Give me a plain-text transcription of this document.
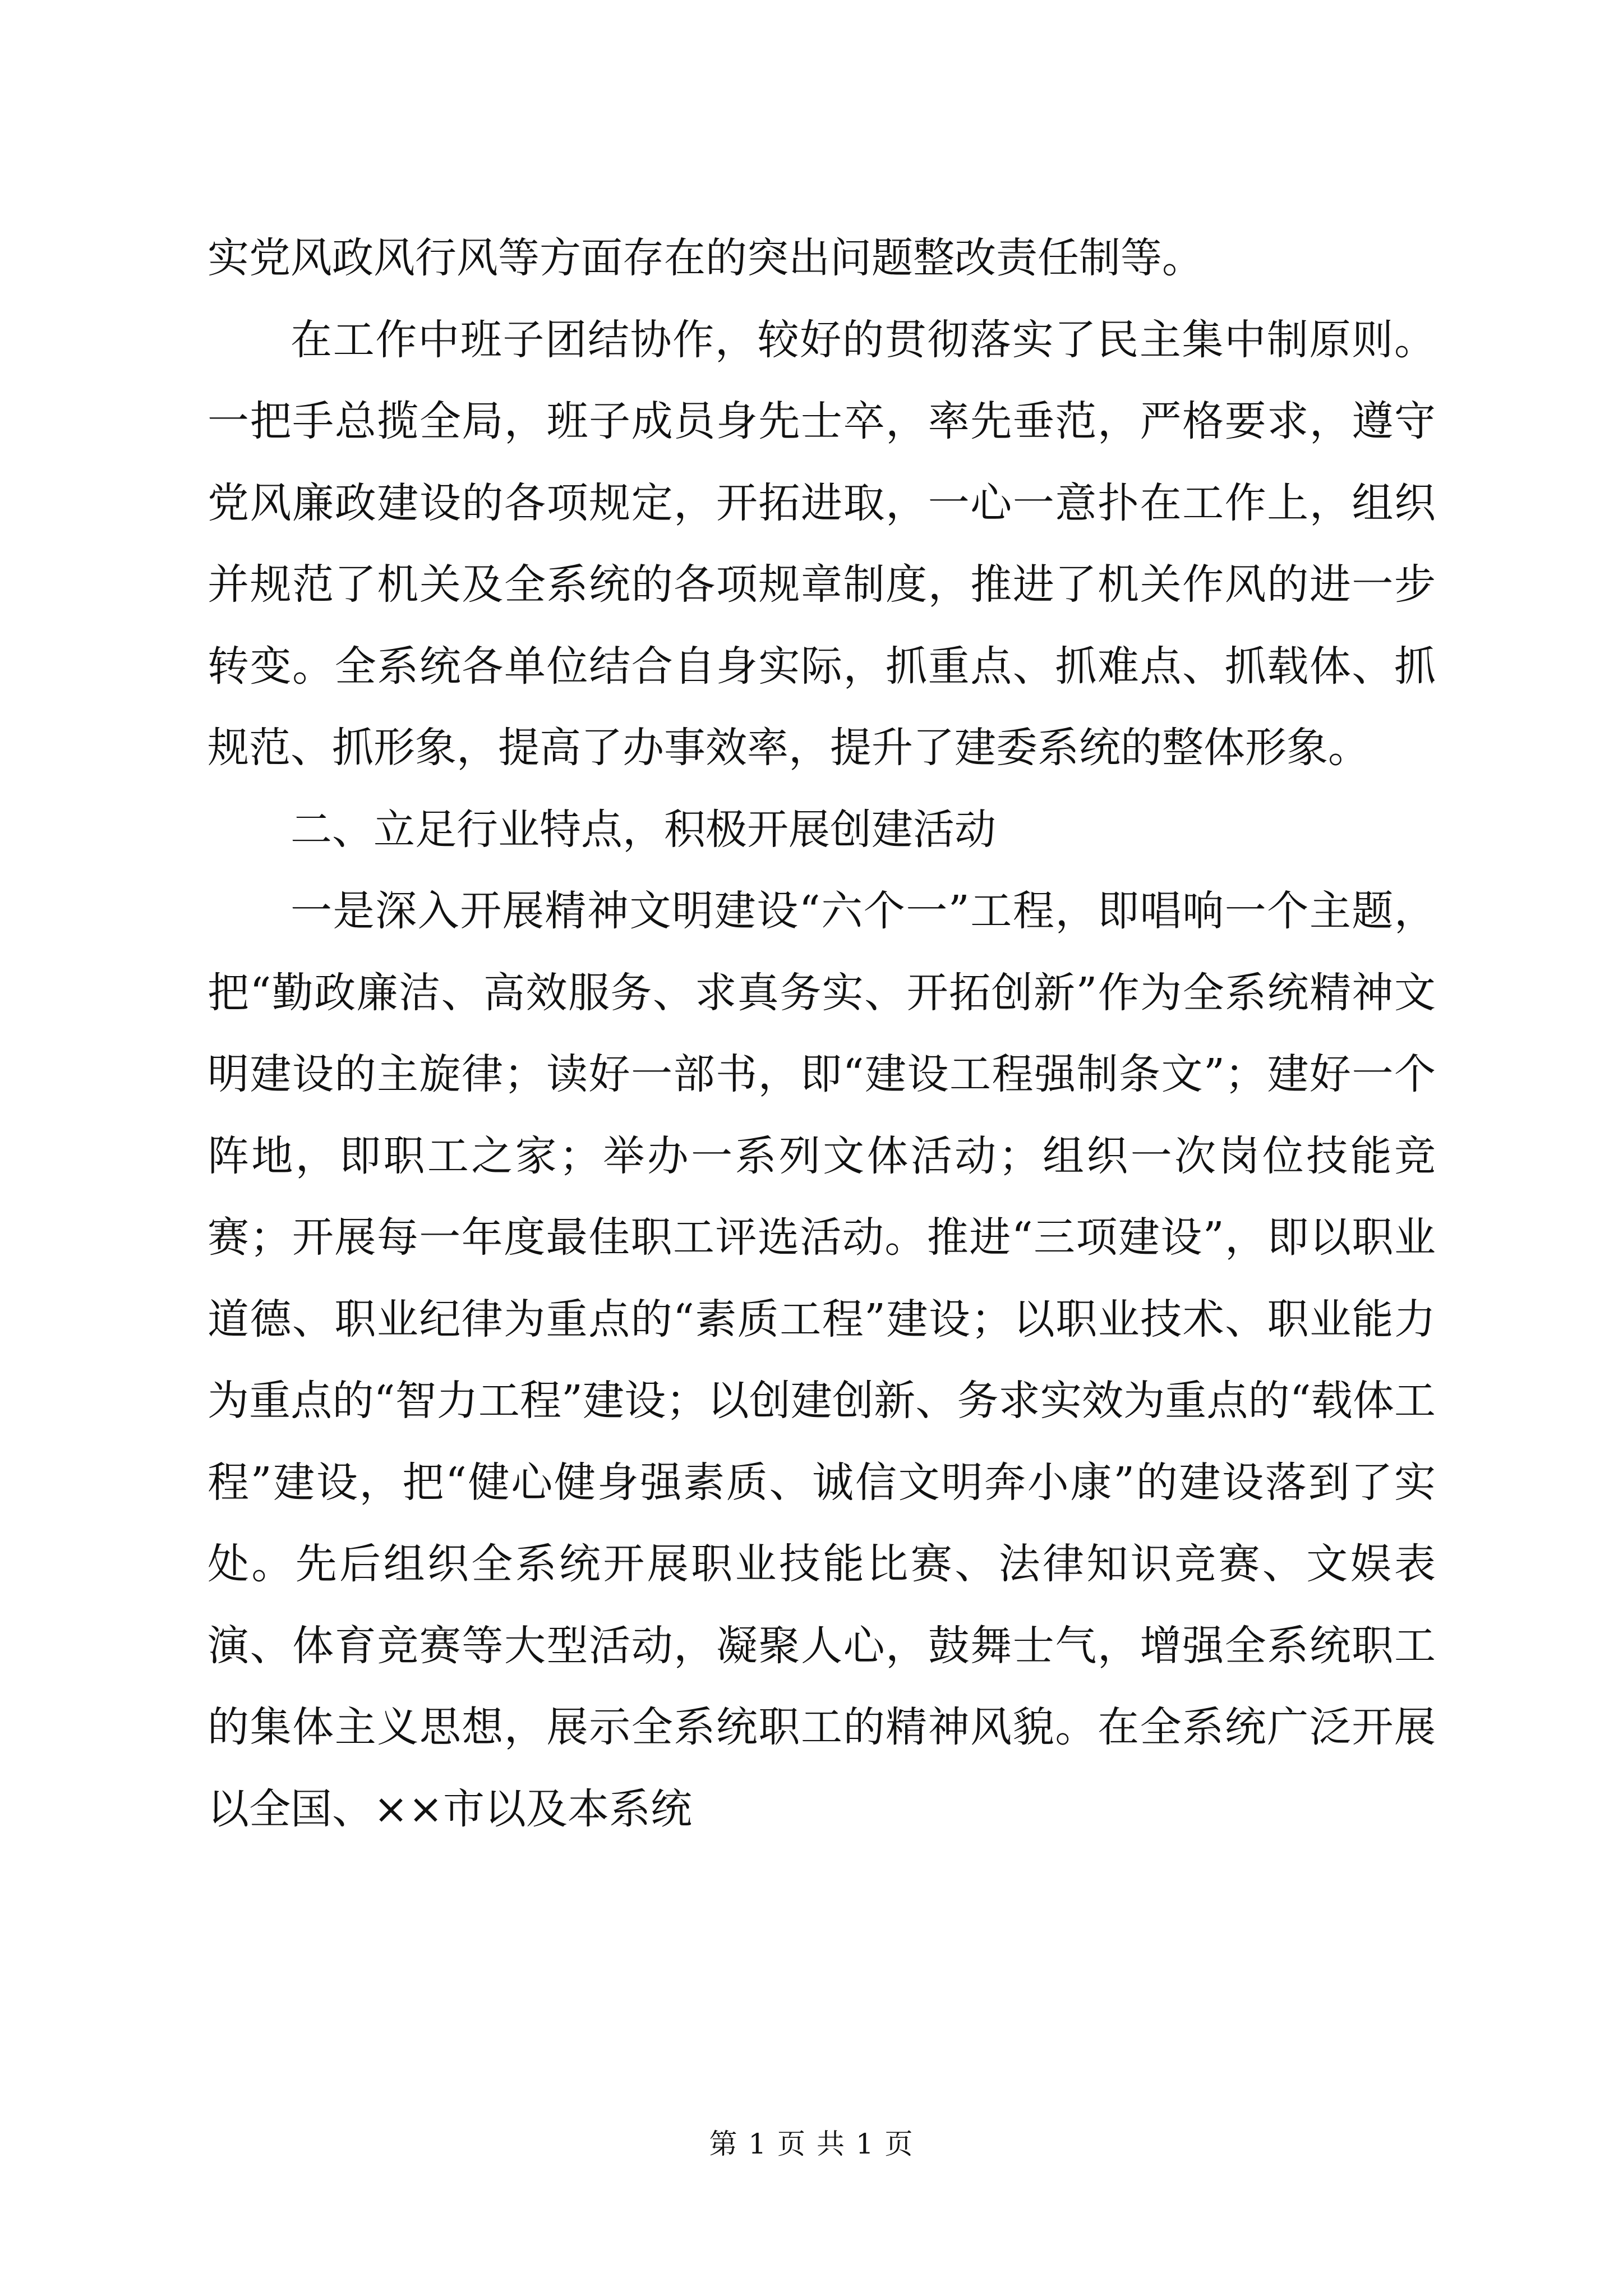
实党风政风行风等方面存在的突出问题整改责任制等。

在工作中班子团结协作，较好的贯彻落实了民主集中制原则。一把手总揽全局，班子成员身先士卒，率先垂范，严格要求，遵守党风廉政建设的各项规定，开拓进取，一心一意扑在工作上，组织并规范了机关及全系统的各项规章制度，推进了机关作风的进一步转变。全系统各单位结合自身实际，抓重点、抓难点、抓载体、抓规范、抓形象，提高了办事效率，提升了建委系统的整体形象。

二、立足行业特点，积极开展创建活动

一是深入开展精神文明建设“六个一”工程，即唱响一个主题，把“勤政廉洁、高效服务、求真务实、开拓创新”作为全系统精神文明建设的主旋律；读好一部书，即“建设工程强制条文”；建好一个阵地，即职工之家；举办一系列文体活动；组织一次岗位技能竞赛；开展每一年度最佳职工评选活动。推进“三项建设”，即以职业道德、职业纪律为重点的“素质工程”建设；以职业技术、职业能力为重点的“智力工程”建设；以创建创新、务求实效为重点的“载体工程”建设，把“健心健身强素质、诚信文明奔小康”的建设落到了实处。先后组织全系统开展职业技能比赛、法律知识竞赛、文娱表演、体育竞赛等大型活动，凝聚人心，鼓舞士气，增强全系统职工的集体主义思想，展示全系统职工的精神风貌。在全系统广泛开展以全国、××市以及本系统

第 1 页 共 1 页
